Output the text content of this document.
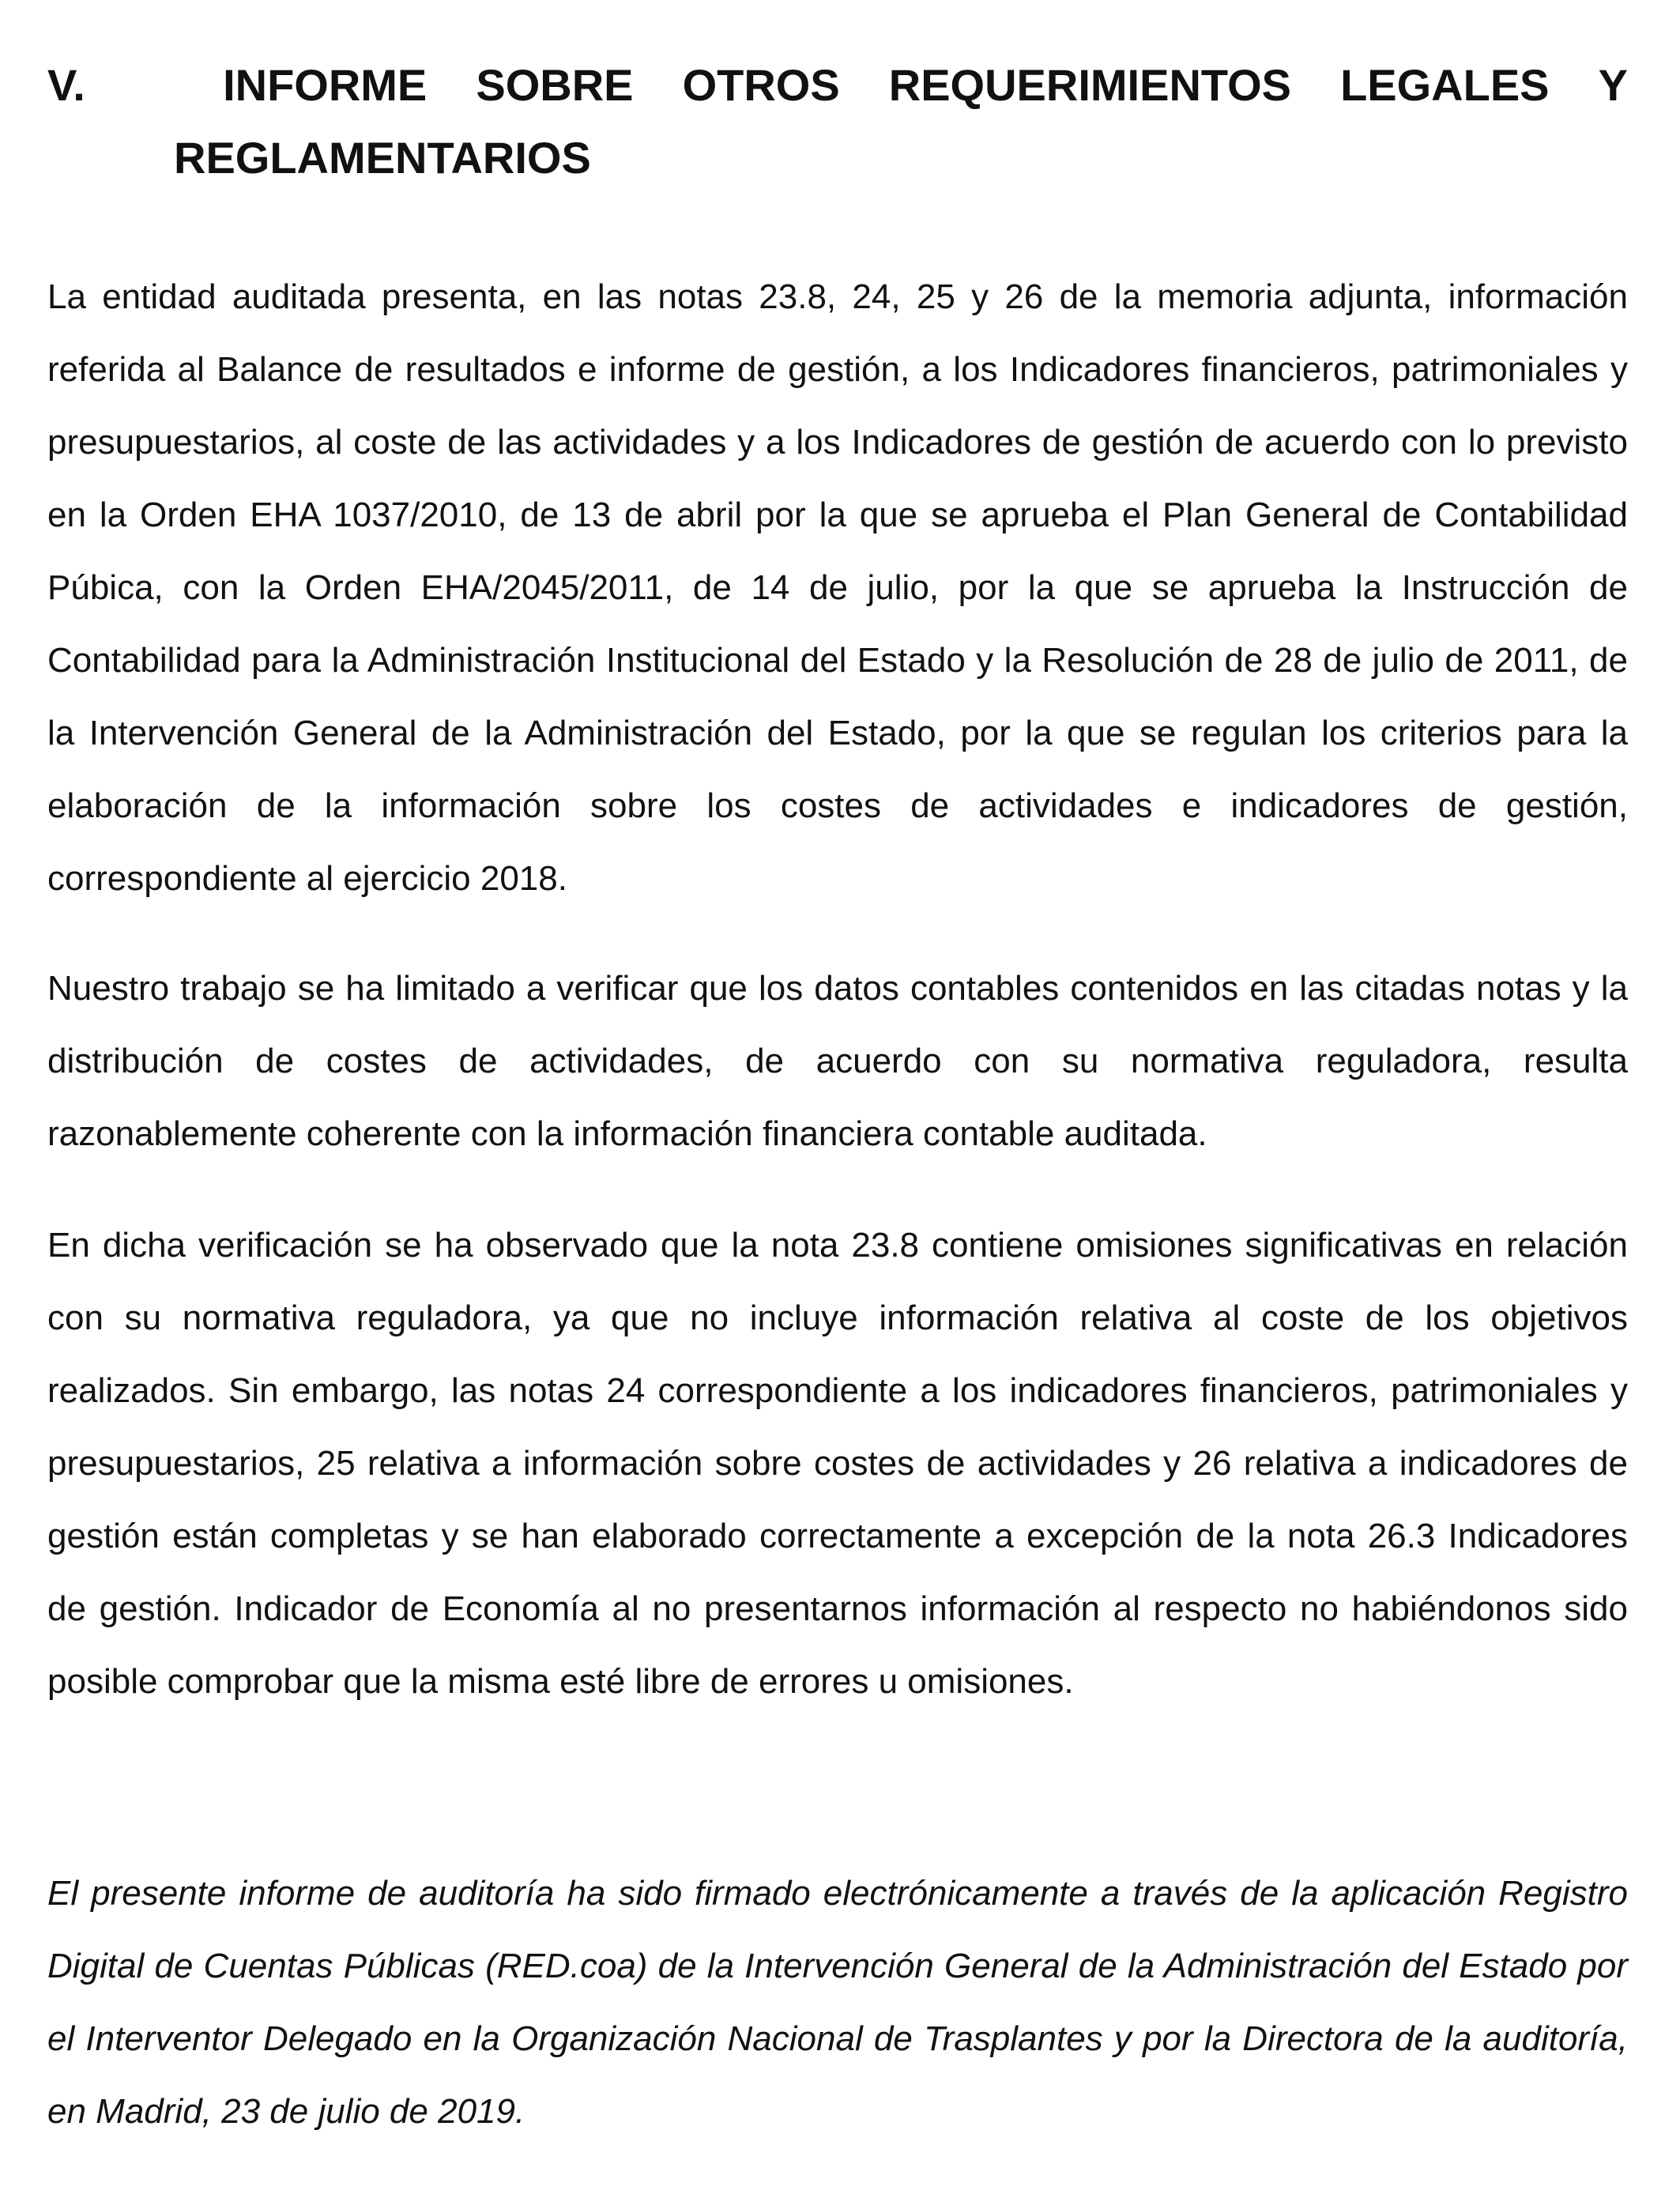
V.	INFORME SOBRE OTROS REQUERIMIENTOS LEGALES Y
REGLAMENTARIOS

La entidad auditada presenta, en las notas 23.8, 24, 25 y 26 de la memoria adjunta, información referida al Balance de resultados e informe de gestión, a los Indicadores financieros, patrimoniales y presupuestarios, al coste de las actividades y a los Indicadores de gestión de acuerdo con lo previsto en la Orden EHA 1037/2010, de 13 de abril por la que se aprueba el Plan General de Contabilidad Púbica, con la Orden EHA/2045/2011, de 14 de julio, por la que se aprueba la Instrucción de Contabilidad para la Administración Institucional del Estado y la Resolución de 28 de julio de 2011, de la Intervención General de la Administración del Estado, por la que se regulan los criterios para la elaboración de la información sobre los costes de actividades e indicadores de gestión, correspondiente al ejercicio 2018.

Nuestro trabajo se ha limitado a verificar que los datos contables contenidos en las citadas notas y la distribución de costes de actividades, de acuerdo con su normativa reguladora, resulta razonablemente coherente con la información financiera contable auditada.

En dicha verificación se ha observado que la nota 23.8 contiene omisiones significativas en relación con su normativa reguladora, ya que no incluye información relativa al coste de los objetivos realizados. Sin embargo, las notas 24 correspondiente a los indicadores financieros, patrimoniales y presupuestarios, 25 relativa a información sobre costes de actividades y 26 relativa a indicadores de gestión están completas y se han elaborado correctamente a excepción de la nota 26.3 Indicadores de gestión. Indicador de Economía al no presentarnos información al respecto no habiéndonos sido posible comprobar que la misma esté libre de errores u omisiones.

El presente informe de auditoría ha sido firmado electrónicamente a través de la aplicación Registro Digital de Cuentas Públicas (RED.coa) de la Intervención General de la Administración del Estado por el Interventor Delegado en la Organización Nacional de Trasplantes y por la Directora de la auditoría, en Madrid, 23 de julio de 2019.
